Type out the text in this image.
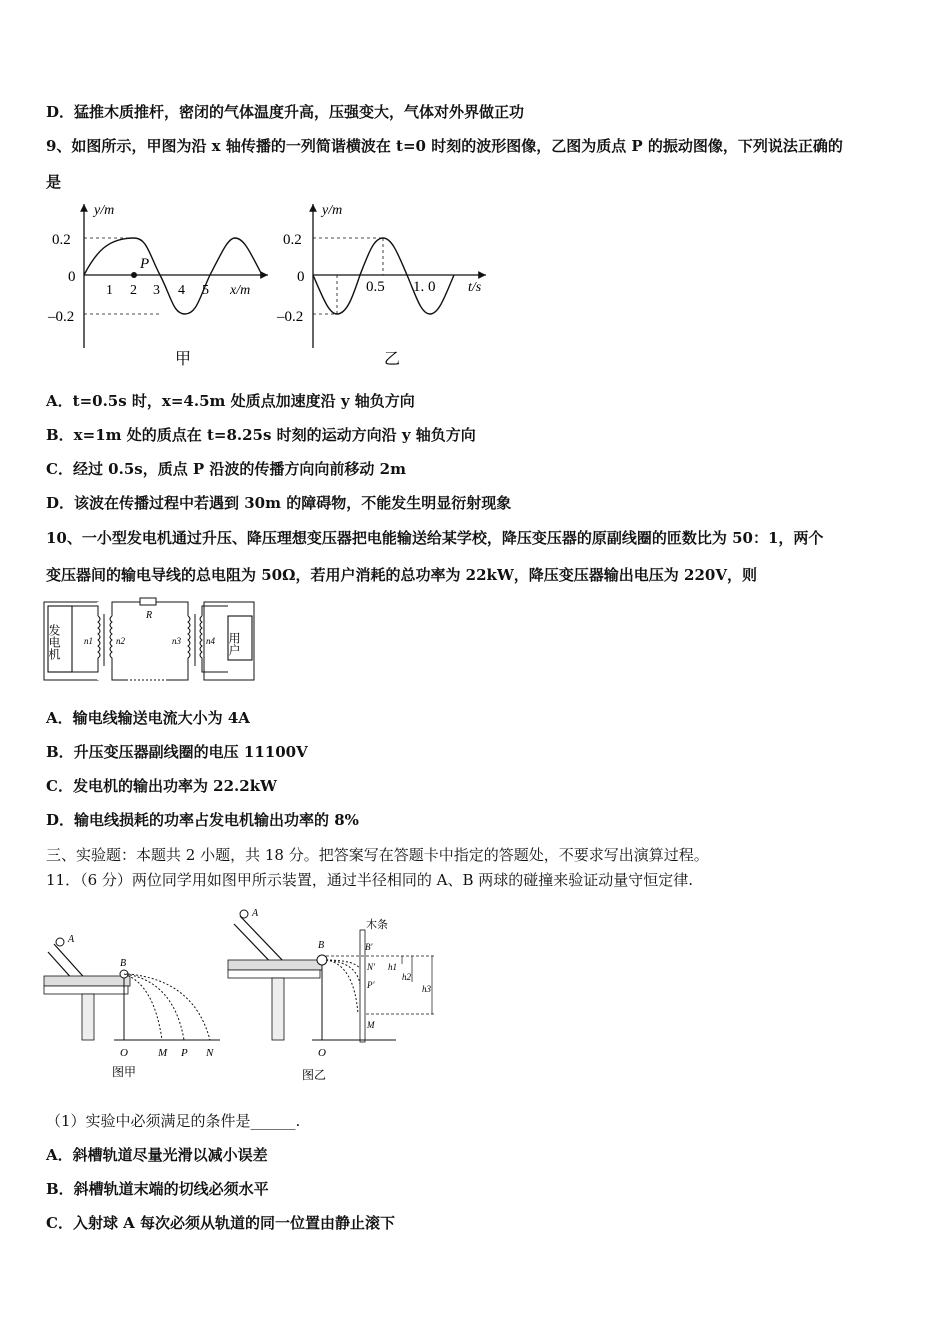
D．猛推木质推杆，密闭的气体温度升高，压强变大，气体对外界做正功
9、如图所示，甲图为沿 x 轴传播的一列简谐横波在 t=0 时刻的波形图像，乙图为质点 P 的振动图像，下列说法正确的
是
y/m
0.2
0
–0.2
P
1 2 3 4 5 x/m
甲
y/m
0.2
0
–0.2
0.5 1. 0 t/s
乙
A．t=0.5s 时，x=4.5m 处质点加速度沿 y 轴负方向
B．x=1m 处的质点在 t=8.25s 时刻的运动方向沿 y 轴负方向
C．经过 0.5s，质点 P 沿波的传播方向向前移动 2m
D．该波在传播过程中若遇到 30m 的障碍物，不能发生明显衍射现象
10、一小型发电机通过升压、降压理想变压器把电能输送给某学校，降压变压器的原副线圈的匝数比为 50：1，两个
变压器间的输电导线的总电阻为 50Ω，若用户消耗的总功率为 22kW，降压变压器输出电压为 220V，则
发电机	n1	n2
R
n3	n4 用户
A．输电线输送电流大小为 4A
B．升压变压器副线圈的电压 11100V
C．发电机的输出功率为 22.2kW
D．输电线损耗的功率占发电机输出功率的 8%
三、实验题：本题共 2 小题，共 18 分。把答案写在答题卡中指定的答题处，不要求写出演算过程。
11．（6 分）两位同学用如图甲所示装置，通过半径相同的 A、B 两球的碰撞来验证动量守恒定律.
A
B
O	M P N
图甲
A
B
木条
B'
N'
P'
M
h1
h2
h3
O
图乙
（1）实验中必须满足的条件是______.
A．斜槽轨道尽量光滑以减小误差
B．斜槽轨道末端的切线必须水平
C．入射球 A 每次必须从轨道的同一位置由静止滚下
